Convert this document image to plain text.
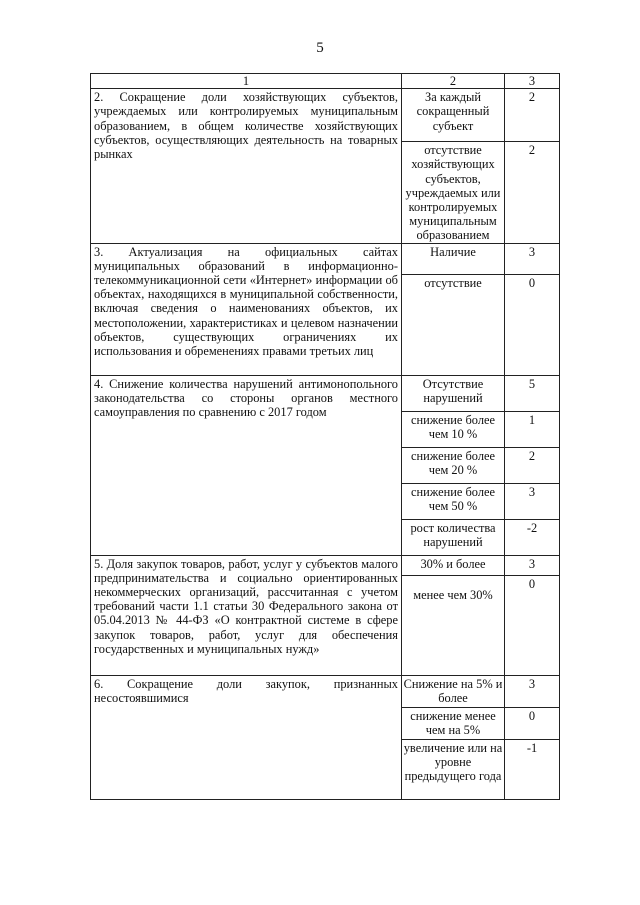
5
1	2	3
2. Сокращение доли хозяйствующих субъектов, учреждаемых или контролируемых муниципальным образованием, в общем количестве хозяйствующих субъектов, осуществляющих деятельность на товарных рынках	За каждый сокращенный субъект	2
	отсутствие хозяйствующих субъектов, учреждаемых или контролируемых муниципальным образованием	2
3. Актуализация на официальных сайтах муниципальных образований в информационно-телекоммуникационной сети «Интернет» информации об объектах, находящихся в муниципальной собственности, включая сведения о наименованиях объектов, их местоположении, характеристиках и целевом назначении объектов, существующих ограничениях их использования и обременениях правами третьих лиц	Наличие	3
	отсутствие	0
4. Снижение количества нарушений антимонопольного законодательства со стороны органов местного самоуправления по сравнению с 2017 годом	Отсутствие нарушений	5
	снижение более чем 10 %	1
	снижение более чем 20 %	2
	снижение более чем 50 %	3
	рост количества нарушений	-2
5. Доля закупок товаров, работ, услуг у субъектов малого предпринимательства и социально ориентированных некоммерческих организаций, рассчитанная с учетом требований части 1.1 статьи 30 Федерального закона от 05.04.2013 № 44-ФЗ «О контрактной системе в сфере закупок товаров, работ, услуг для обеспечения государственных и муниципальных нужд»	30% и более	3
	менее чем 30%	0
6. Сокращение доли закупок, признанных несостоявшимися	Снижение на 5% и более	3
	снижение менее чем на 5%	0
	увеличение или на уровне предыдущего года	-1
